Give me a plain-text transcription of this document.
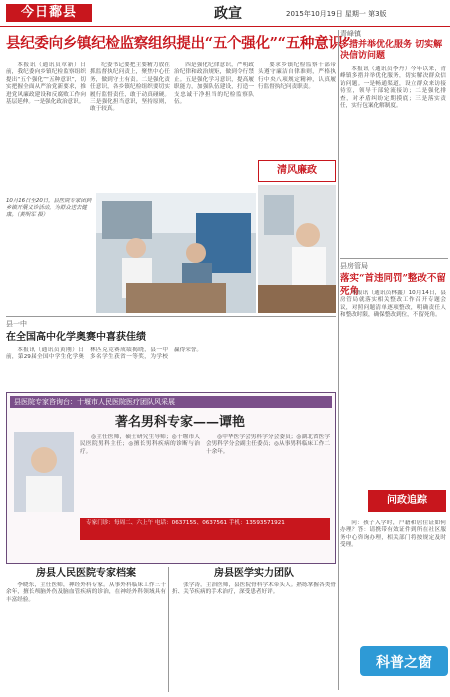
今日鄱县	政宣	2015年10月19日 星期一 第3版
县纪委向乡镇纪检监察组织提出“五个强化”“五种意识”

本报讯（通讯员章新）日前，我纪委向乡镇纪检监察组织提出“五个强化”“五种意识”，切实把握全面从严治党新要求，推进党风廉政建设和反腐败工作向基层延伸。一是强化政治意识。

纪委书记要把主要精力放在抓监督执纪问责上，聚焦中心任务，做到守土有责。二是强化责任意识，各乡镇纪检组织要切实履行监督责任，敢于动真碰硬。三是强化担当意识，坚持原则，敢于较真。

四是强化纪律意识，严明政治纪律和政治规矩，做到令行禁止。五是强化学习意识，提高履职能力，加强队伍建设，打造一支忠诚干净担当的纪检监察队伍。

要求乡镇纪检监察干部带头遵守廉洁自律准则，严格执行中央八项规定精神，认真履行监督执纪问责职责。

清风廉政
10月16日至20日，县医院专家团到乡镇开展义诊活动，为群众送去健康。（黄明军 摄）
青峰镇
多措并举优化服务 切实解决信访问题

本报讯（通讯员李丹）今年以来，青峰镇多措并举优化服务，切实解决群众信访问题。一是畅通渠道，设立群众来访接待室，领导干部轮流接访；二是强化排查，对矛盾纠纷定期摸底；三是落实责任，实行包案化解制度。

县房管局
落实“首违同罚”整改不留死角

本报讯（通讯员林鑫）10月14日，县房管局就落实相关整改工作召开专题会议，对照问题清单逐项整改，明确责任人和整改时限，确保整改到位，不留死角。

问政追踪

问：孩子入学时，户籍和居住证如何办理？答：请携带有效证件到所在社区服务中心咨询办理，相关部门将按规定及时受理。

科普之窗
县一中
在全国高中化学奥赛中喜获佳绩

本报讯（通讯员黄刚）日前，第29届全国中学生化学奥林匹克竞赛成绩揭晓，县一中多名学生获省一等奖，为学校赢得荣誉。

县医院专家咨询台：十堰市人民医院医疗团队风采展
著名男科专家——谭艳

◎主任医师，硕士研究生导师；◎十堰市人民医院男科主任；◎擅长男科疾病的诊断与治疗。

◎中华医学会男科学分会委员；◎湖北省医学会男科学分会副主任委员；◎从事男科临床工作二十余年。

专家门诊：每周二、六上午 电话：0637155、0637561 手机：13593571921
房县人民医院专家档案

李晓东，主任医师，神经外科专家。从事外科临床工作三十余年，擅长颅脑外伤及脑血管疾病的诊治，在神经外科领域具有丰富经验。

房县医学实力团队

张学涛，主治医师，县医院骨科学术带头人。熟练掌握各类骨折、关节疾病的手术治疗，深受患者好评。
